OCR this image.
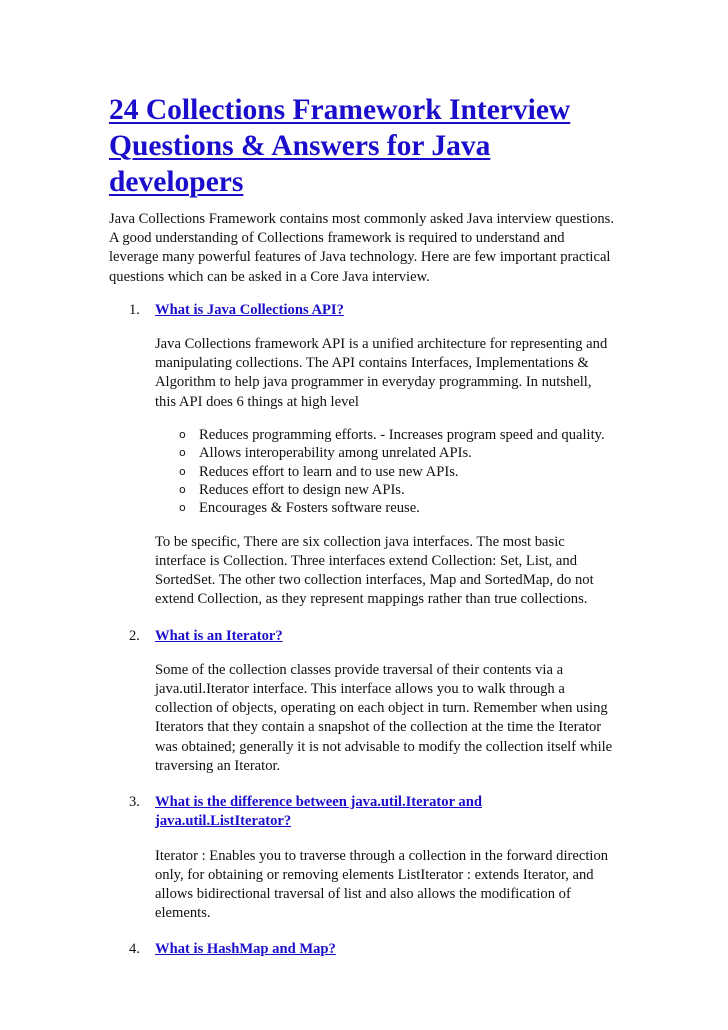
24 Collections Framework Interview
Questions & Answers for Java
developers

Java Collections Framework contains most commonly asked Java interview questions.
A good understanding of Collections framework is required to understand and
leverage many powerful features of Java technology. Here are few important practical
questions which can be asked in a Core Java interview.

1. What is Java Collections API?

Java Collections framework API is a unified architecture for representing and
manipulating collections. The API contains Interfaces, Implementations &
Algorithm to help java programmer in everyday programming. In nutshell,
this API does 6 things at high level

o Reduces programming efforts. - Increases program speed and quality.
o Allows interoperability among unrelated APIs.
o Reduces effort to learn and to use new APIs.
o Reduces effort to design new APIs.
o Encourages & Fosters software reuse.

To be specific, There are six collection java interfaces. The most basic
interface is Collection. Three interfaces extend Collection: Set, List, and
SortedSet. The other two collection interfaces, Map and SortedMap, do not
extend Collection, as they represent mappings rather than true collections.

2. What is an Iterator?

Some of the collection classes provide traversal of their contents via a
java.util.Iterator interface. This interface allows you to walk through a
collection of objects, operating on each object in turn. Remember when using
Iterators that they contain a snapshot of the collection at the time the Iterator
was obtained; generally it is not advisable to modify the collection itself while
traversing an Iterator.

3. What is the difference between java.util.Iterator and
java.util.ListIterator?

Iterator : Enables you to traverse through a collection in the forward direction
only, for obtaining or removing elements ListIterator : extends Iterator, and
allows bidirectional traversal of list and also allows the modification of
elements.

4. What is HashMap and Map?
